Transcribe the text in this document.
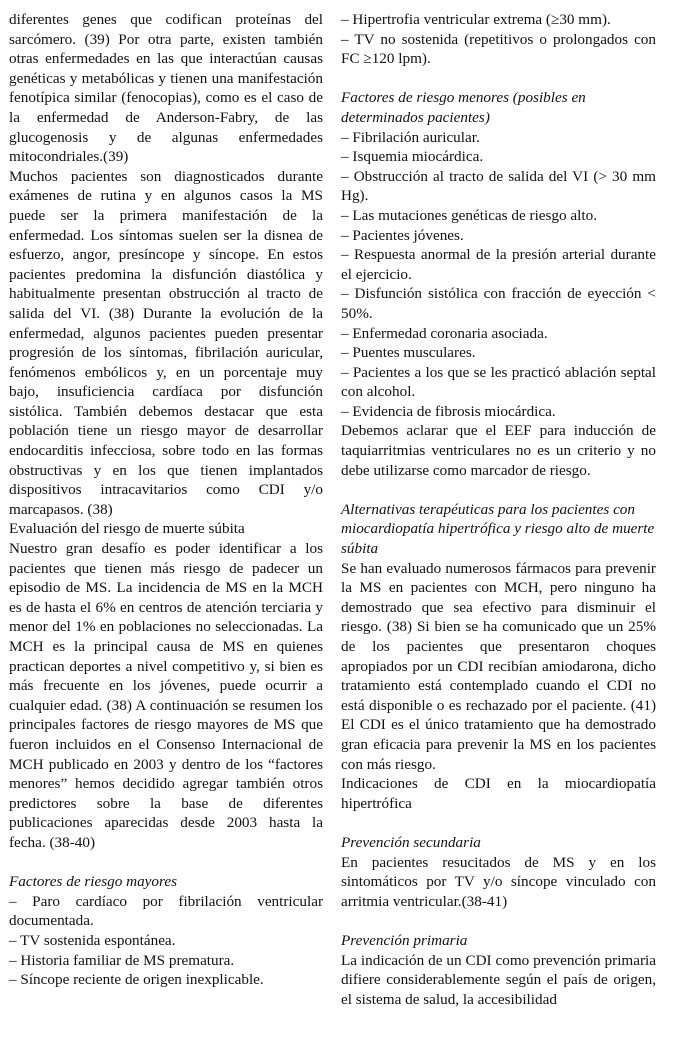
diferentes genes que codifican proteínas del sarcómero. (39) Por otra parte, existen también otras enfermedades en las que interactúan causas genéticas y metabólicas y tienen una manifestación fenotípica similar (fenocopias), como es el caso de la enfermedad de Anderson-Fabry, de las glucogenosis y de algunas enfermedades mitocondriales.(39)

Muchos pacientes son diagnosticados durante exámenes de rutina y en algunos casos la MS puede ser la primera manifestación de la enfermedad. Los síntomas suelen ser la disnea de esfuerzo, angor, presíncope y síncope. En estos pacientes predomina la disfunción diastólica y habitualmente presentan obstrucción al tracto de salida del VI. (38) Durante la evolución de la enfermedad, algunos pacientes pueden presentar progresión de los síntomas, fibrilación auricular, fenómenos embólicos y, en un porcentaje muy bajo, insuficiencia cardíaca por disfunción sistólica. También debemos destacar que esta población tiene un riesgo mayor de desarrollar endocarditis infecciosa, sobre todo en las formas obstructivas y en los que tienen implantados dispositivos intracavitarios como CDI y/o marcapasos. (38)

Evaluación del riesgo de muerte súbita

Nuestro gran desafío es poder identificar a los pacientes que tienen más riesgo de padecer un episodio de MS. La incidencia de MS en la MCH es de hasta el 6% en centros de atención terciaria y menor del 1% en poblaciones no seleccionadas. La MCH es la principal causa de MS en quienes practican deportes a nivel competitivo y, si bien es más frecuente en los jóvenes, puede ocurrir a cualquier edad. (38) A continuación se resumen los principales factores de riesgo mayores de MS que fueron incluidos en el Consenso Internacional de MCH publicado en 2003 y dentro de los “factores menores” hemos decidido agregar también otros predictores sobre la base de diferentes publicaciones aparecidas desde 2003 hasta la fecha. (38-40)

Factores de riesgo mayores

– Paro cardíaco por fibrilación ventricular documentada.

– TV sostenida espontánea.

– Historia familiar de MS prematura.

– Síncope reciente de origen inexplicable.

– Hipertrofia ventricular extrema (≥30 mm).

– TV no sostenida (repetitivos o prolongados con FC ≥120 lpm).

Factores de riesgo menores (posibles en determinados pacientes)

– Fibrilación auricular.

– Isquemia miocárdica.

– Obstrucción al tracto de salida del VI (> 30 mm Hg).

– Las mutaciones genéticas de riesgo alto.

– Pacientes jóvenes.

– Respuesta anormal de la presión arterial durante el ejercicio.

– Disfunción sistólica con fracción de eyección < 50%.

– Enfermedad coronaria asociada.

– Puentes musculares.

– Pacientes a los que se les practicó ablación septal con alcohol.

– Evidencia de fibrosis miocárdica.

Debemos aclarar que el EEF para inducción de taquiarritmias ventriculares no es un criterio y no debe utilizarse como marcador de riesgo.

Alternativas terapéuticas para los pacientes con miocardiopatía hipertrófica y riesgo alto de muerte súbita

Se han evaluado numerosos fármacos para prevenir la MS en pacientes con MCH, pero ninguno ha demostrado que sea efectivo para disminuir el riesgo. (38) Si bien se ha comunicado que un 25% de los pacientes que presentaron choques apropiados por un CDI recibían amiodarona, dicho tratamiento está contemplado cuando el CDI no está disponible o es rechazado por el paciente. (41) El CDI es el único tratamiento que ha demostrado gran eficacia para prevenir la MS en los pacientes con más riesgo.

Indicaciones de CDI en la miocardiopatía hipertrófica

Prevención secundaria

En pacientes resucitados de MS y en los sintomáticos por TV y/o síncope vinculado con arritmia ventricular.(38-41)

Prevención primaria

La indicación de un CDI como prevención primaria difiere considerablemente según el país de origen, el sistema de salud, la accesibilidad
